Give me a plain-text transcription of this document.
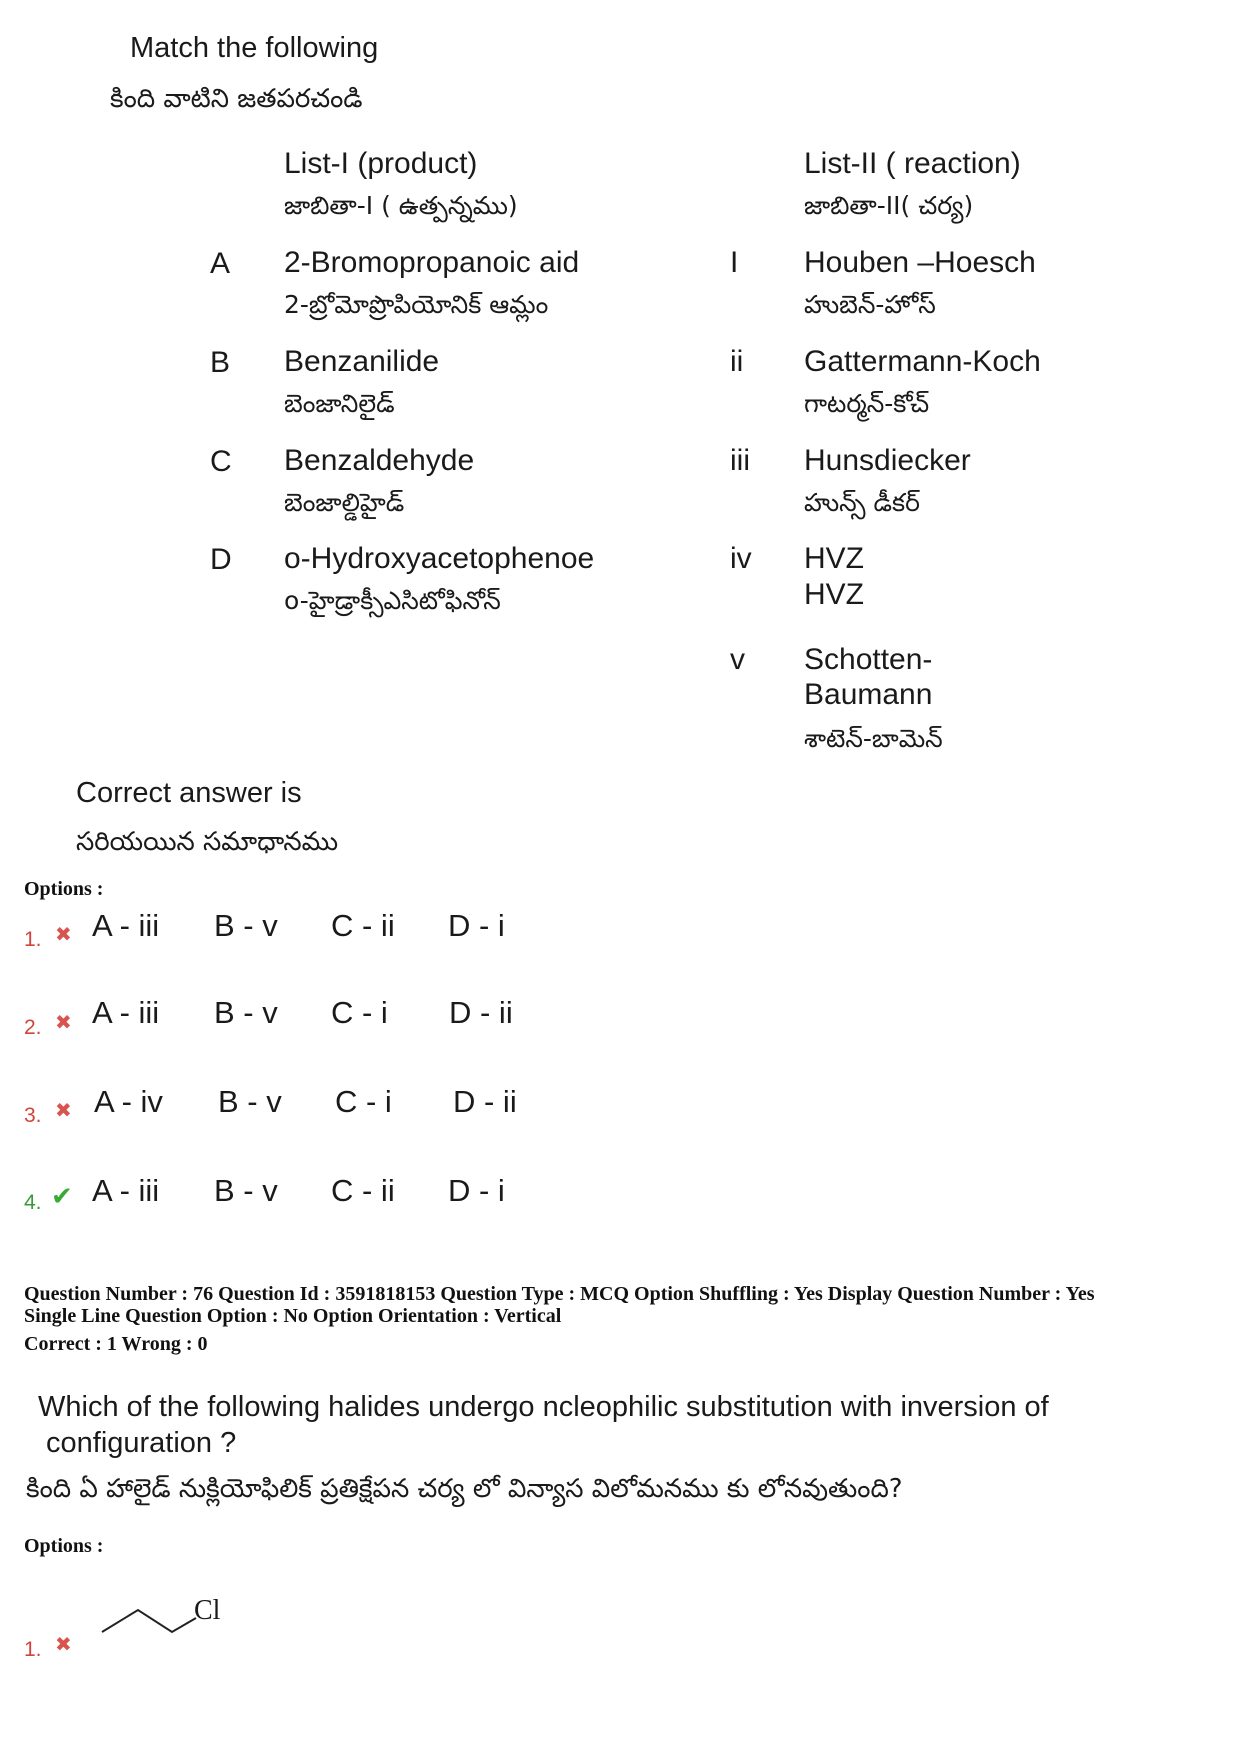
Match the following
కింది వాటిని జతపరచండి
List-I (product)
జాబితా-I ( ఉత్పన్నము)
List-II ( reaction)
జాబితా-II( చర్య)
A 2-Bromopropanoic aid
2-బ్రోమోప్రొపియోనిక్ ఆమ్లం
B Benzanilide
బెంజానిలైడ్
C Benzaldehyde
బెంజాల్డిహైడ్
D o-Hydroxyacetophenoe
o-హైడ్రాక్సీఎసిటోఫినోన్
I Houben –Hoesch
హుబెన్-హోస్
ii Gattermann-Koch
గాటర్మన్-కోచ్
iii Hunsdiecker
హున్స్ డీకర్
iv HVZ
HVZ
v Schotten-
Baumann
శాటెన్-బామెన్
Correct answer is
సరియయిన సమాధానము
Options :
1. ✖ A - iii B - v C - ii D - i
2. ✖ A - iii B - v C - i D - ii
3. ✖ A - iv B - v C - i D - ii
4. ✔ A - iii B - v C - ii D - i
Question Number : 76 Question Id : 3591818153 Question Type : MCQ Option Shuffling : Yes Display Question Number : Yes
Single Line Question Option : No Option Orientation : Vertical
Correct : 1 Wrong : 0
Which of the following halides undergo ncleophilic substitution with inversion of
configuration ?
కింది ఏ హాలైడ్ నుక్లియోఫిలిక్ ప్రతిక్షేపన చర్య లో విన్యాస విలోమనము కు లోనవుతుంది?
Options :
1. ✖
Cl
